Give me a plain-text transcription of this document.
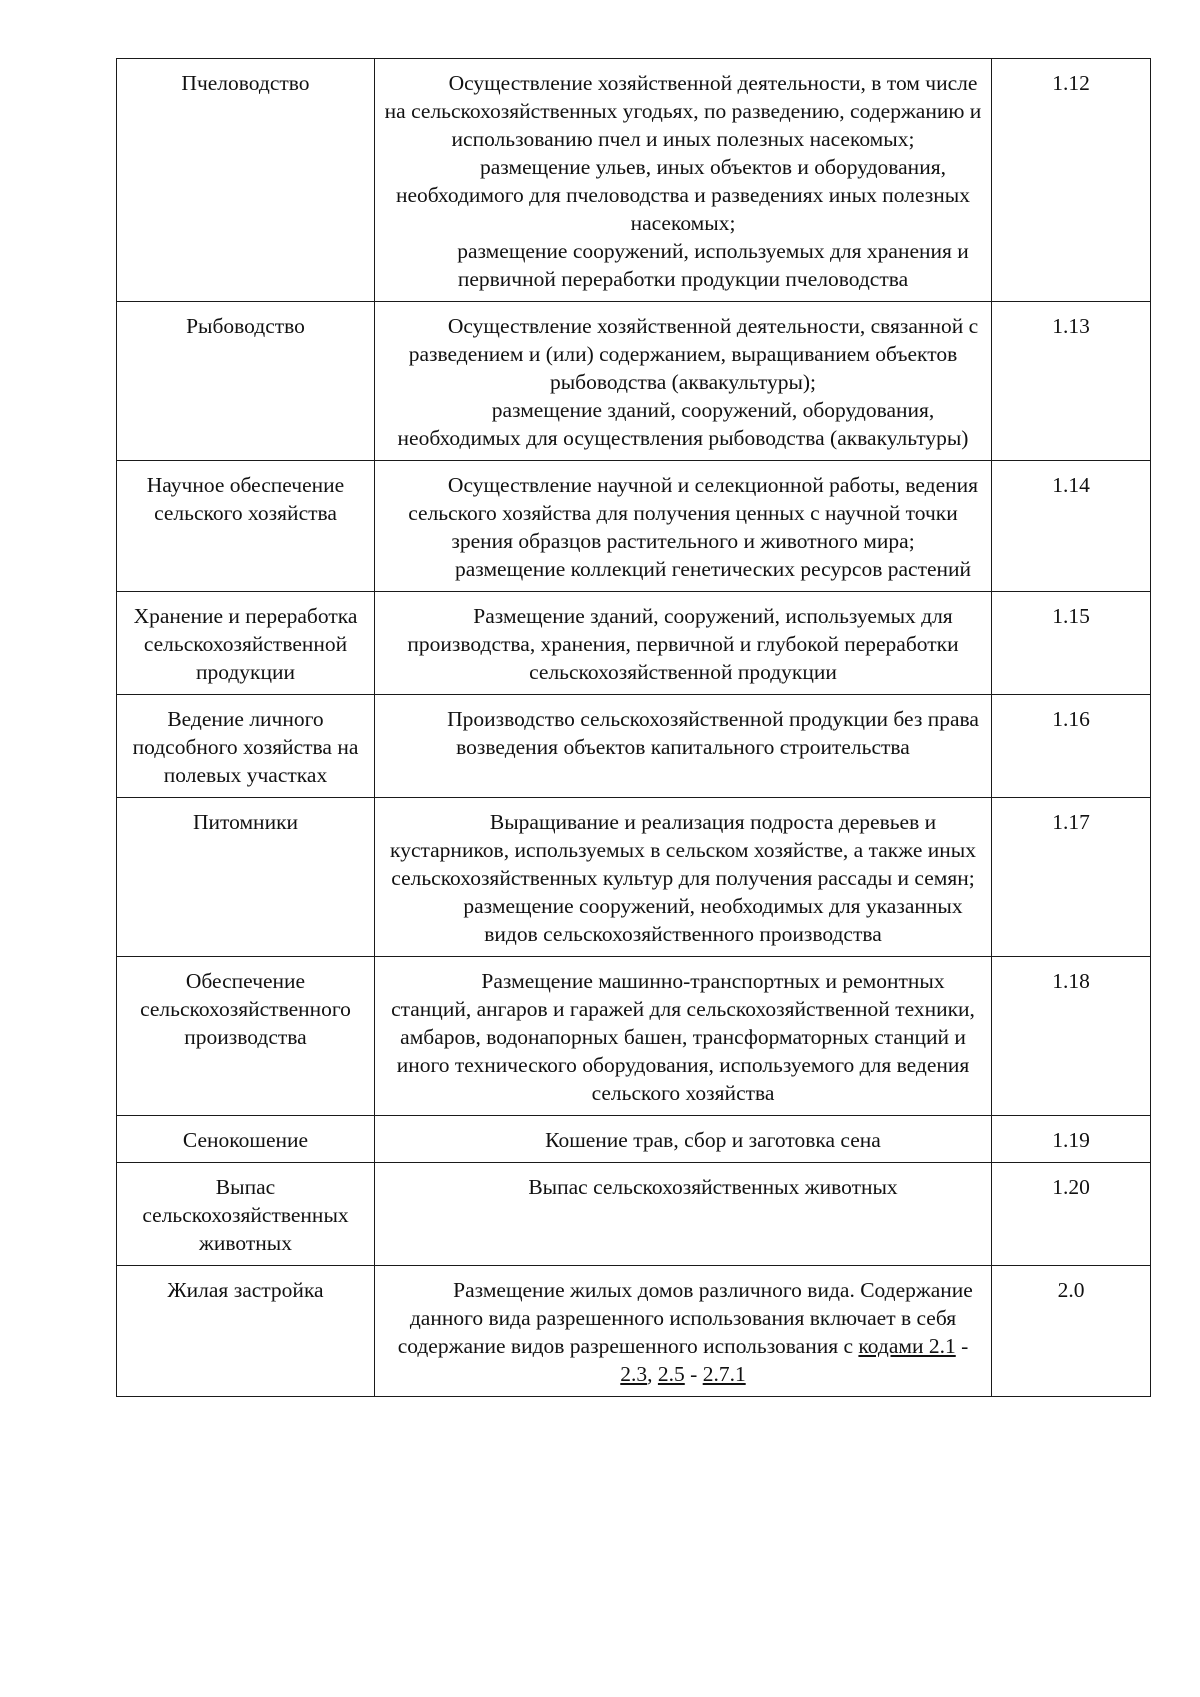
Пчеловодство	Осуществление хозяйственной деятельности, в том числе на сельскохозяйственных угодьях, по разведению, содержанию и использованию пчел и иных полезных насекомых;
размещение ульев, иных объектов и оборудования, необходимого для пчеловодства и разведениях иных полезных насекомых;
размещение сооружений, используемых для хранения и первичной переработки продукции пчеловодства	1.12
Рыбоводство	Осуществление хозяйственной деятельности, связанной с разведением и (или) содержанием, выращиванием объектов рыбоводства (аквакультуры);
размещение зданий, сооружений, оборудования, необходимых для осуществления рыбоводства (аквакультуры)	1.13
Научное обеспечение сельского хозяйства	Осуществление научной и селекционной работы, ведения сельского хозяйства для получения ценных с научной точки зрения образцов растительного и животного мира;
размещение коллекций генетических ресурсов растений	1.14
Хранение и переработка сельскохозяйственной продукции	Размещение зданий, сооружений, используемых для производства, хранения, первичной и глубокой переработки сельскохозяйственной продукции	1.15
Ведение личного подсобного хозяйства на полевых участках	Производство сельскохозяйственной продукции без права возведения объектов капитального строительства	1.16
Питомники	Выращивание и реализация подроста деревьев и кустарников, используемых в сельском хозяйстве, а также иных сельскохозяйственных культур для получения рассады и семян;
размещение сооружений, необходимых для указанных видов сельскохозяйственного производства	1.17
Обеспечение сельскохозяйственного производства	Размещение машинно-транспортных и ремонтных станций, ангаров и гаражей для сельскохозяйственной техники, амбаров, водонапорных башен, трансформаторных станций и иного технического оборудования, используемого для ведения сельского хозяйства	1.18
Сенокошение	Кошение трав, сбор и заготовка сена	1.19
Выпас сельскохозяйственных животных	Выпас сельскохозяйственных животных	1.20
Жилая застройка	Размещение жилых домов различного вида. Содержание данного вида разрешенного использования включает в себя содержание видов разрешенного использования с кодами 2.1 - 2.3, 2.5 - 2.7.1	2.0
